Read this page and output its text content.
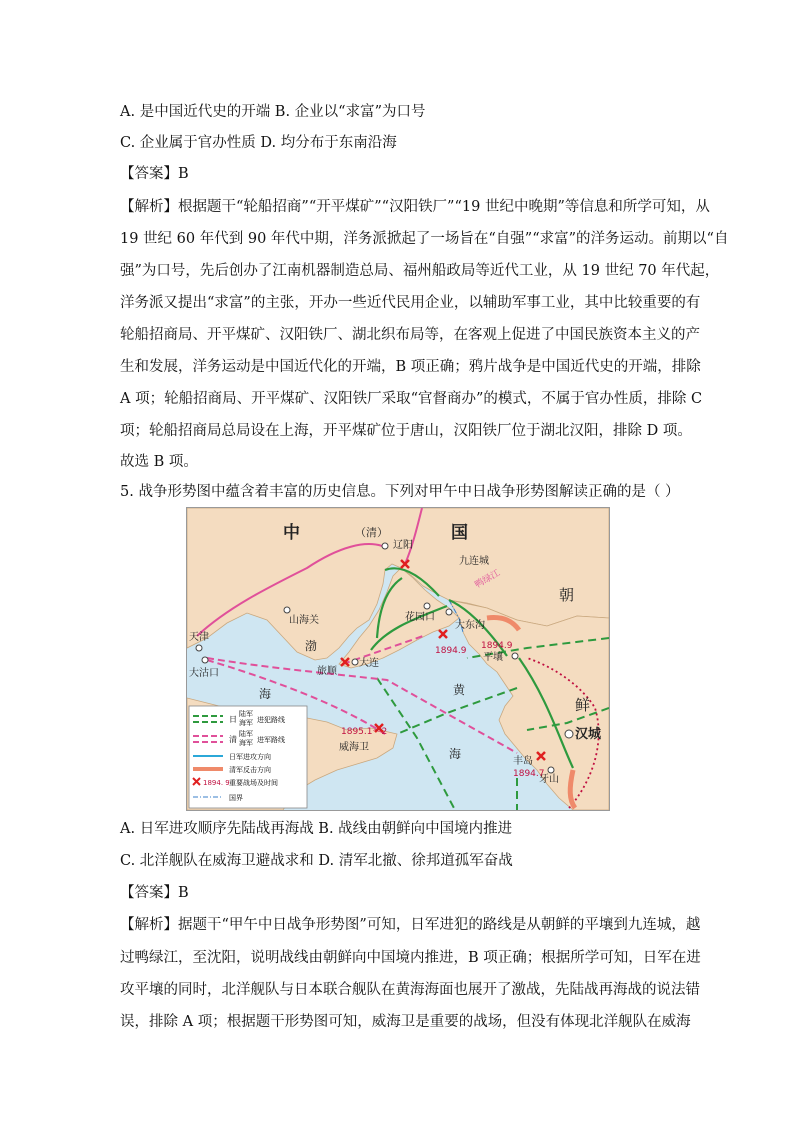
A. 是中国近代史的开端 B. 企业以“求富”为口号
C. 企业属于官办性质 D. 均分布于东南沿海
【答案】B
【解析】根据题干“轮船招商”“开平煤矿”“汉阳铁厂”“19 世纪中晚期”等信息和所学可知，从
19 世纪 60 年代到 90 年代中期，洋务派掀起了一场旨在“自强”“求富”的洋务运动。前期以“自
强”为口号，先后创办了江南机器制造总局、福州船政局等近代工业，从 19 世纪 70 年代起，
洋务派又提出“求富”的主张，开办一些近代民用企业，以辅助军事工业，其中比较重要的有
轮船招商局、开平煤矿、汉阳铁厂、湖北织布局等，在客观上促进了中国民族资本主义的产
生和发展，洋务运动是中国近代化的开端，B 项正确；鸦片战争是中国近代史的开端，排除
A 项；轮船招商局、开平煤矿、汉阳铁厂采取“官督商办”的模式，不属于官办性质，排除 C
项；轮船招商局总局设在上海，开平煤矿位于唐山，汉阳铁厂位于湖北汉阳，排除 D 项。
故选 B 项。
5. 战争形势图中蕴含着丰富的历史信息。下列对甲午中日战争形势图解读正确的是（ ）
中	（清）	国
朝
鲜
辽阳
九连城
山海关	花园口
大东沟
天津
大沽口	旅顺
大连
威海卫
平壤
汉城
丰岛
牙山
渤
海	黄
海
鸭绿江
1894.9 1894.9
1895.1～2
1894.7
日
陆军
海军 进犯路线
清
陆军
海军 进军路线
日军进攻方向
清军反击方向
1894. 9 重要战场及时间
国界
A. 日军进攻顺序先陆战再海战 B. 战线由朝鲜向中国境内推进
C. 北洋舰队在威海卫避战求和 D. 清军北撤、徐邦道孤军奋战
【答案】B
【解析】据题干“甲午中日战争形势图”可知，日军进犯的路线是从朝鲜的平壤到九连城，越
过鸭绿江，至沈阳，说明战线由朝鲜向中国境内推进，B 项正确；根据所学可知，日军在进
攻平壤的同时，北洋舰队与日本联合舰队在黄海海面也展开了激战，先陆战再海战的说法错
误，排除 A 项；根据题干形势图可知，威海卫是重要的战场，但没有体现北洋舰队在威海
